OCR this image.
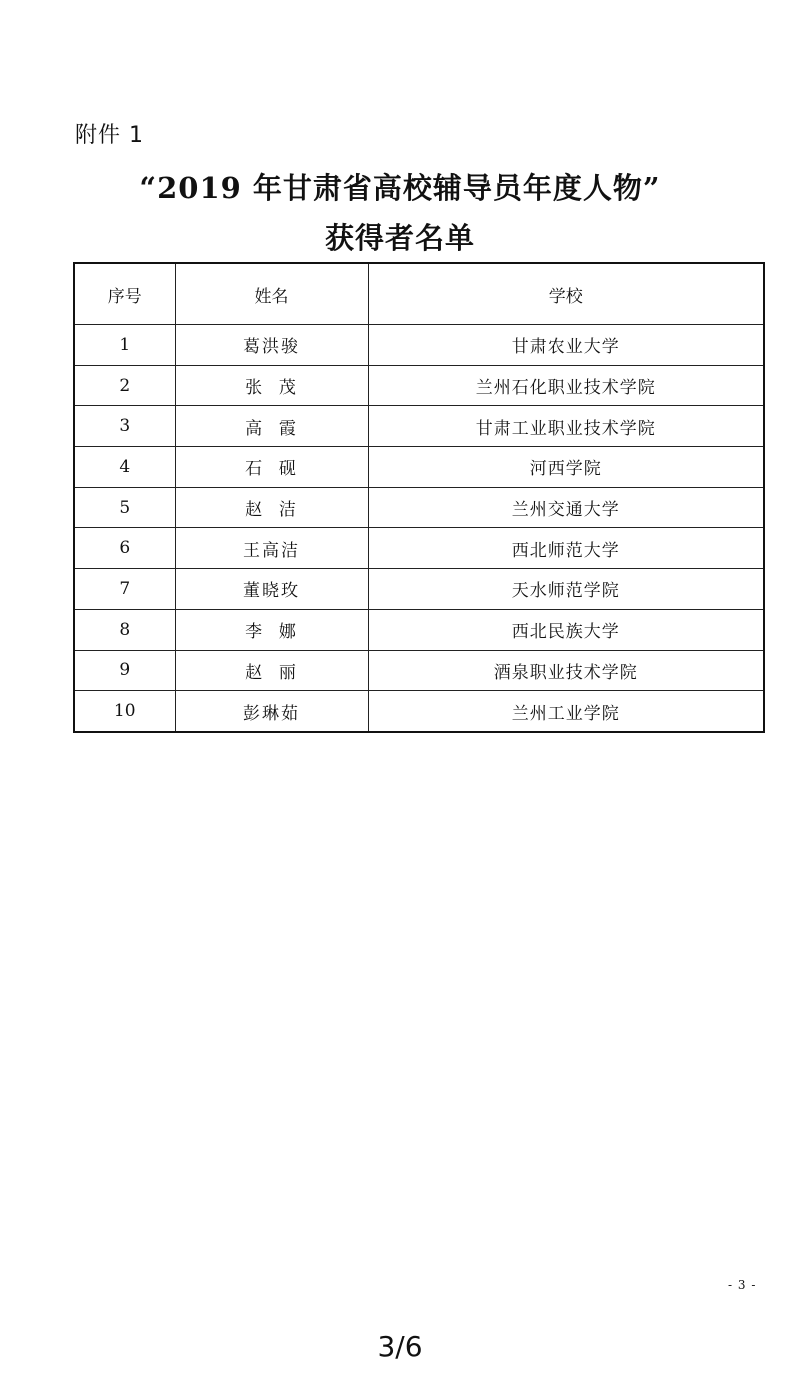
附件 1
“2019 年甘肃省高校辅导员年度人物”
获得者名单
序号	姓名	学校
1	葛洪骏	甘肃农业大学
2	张  茂	兰州石化职业技术学院
3	高  霞	甘肃工业职业技术学院
4	石  砚	河西学院
5	赵  洁	兰州交通大学
6	王高洁	西北师范大学
7	董晓玫	天水师范学院
8	李  娜	西北民族大学
9	赵  丽	酒泉职业技术学院
10	彭琳茹	兰州工业学院
- 3 -
3/6
